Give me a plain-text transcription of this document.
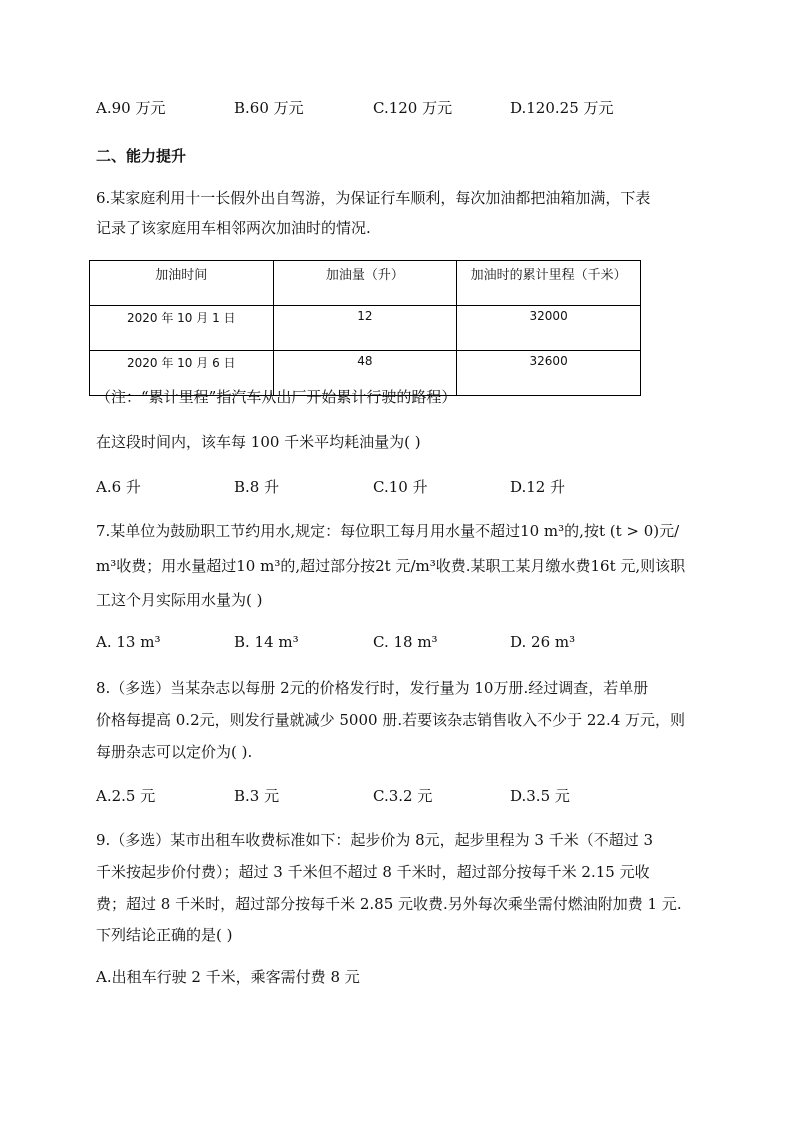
A.90 万元	B.60 万元	C.120 万元	D.120.25 万元
二、能力提升
6.某家庭利用十一长假外出自驾游，为保证行车顺利，每次加油都把油箱加满，下表
记录了该家庭用车相邻两次加油时的情况.
加油时间	加油量（升）	加油时的累计里程（千米）
2020 年 10 月 1 日	12	32000
2020 年 10 月 6 日	48	32600
（注：“累计里程”指汽车从出厂开始累计行驶的路程）
在这段时间内，该车每 100 千米平均耗油量为( )
A.6 升	B.8 升	C.10 升	D.12 升
7.某单位为鼓励职工节约用水,规定：每位职工每月用水量不超过10 m³的,按t (t > 0)元/
m³收费；用水量超过10 m³的,超过部分按2t 元/m³收费.某职工某月缴水费16t 元,则该职
工这个月实际用水量为( )
A. 13 m³	B. 14 m³	C. 18 m³	D. 26 m³
8.（多选）当某杂志以每册 2元的价格发行时，发行量为 10万册.经过调查，若单册
价格每提高 0.2元，则发行量就减少 5000 册.若要该杂志销售收入不少于 22.4 万元，则
每册杂志可以定价为( ).
A.2.5 元	B.3 元	C.3.2 元	D.3.5 元
9.（多选）某市出租车收费标准如下：起步价为 8元，起步里程为 3 千米（不超过 3
千米按起步价付费）；超过 3 千米但不超过 8 千米时，超过部分按每千米 2.15 元收
费；超过 8 千米时，超过部分按每千米 2.85 元收费.另外每次乘坐需付燃油附加费 1 元.
下列结论正确的是( )
A.出租车行驶 2 千米，乘客需付费 8 元
